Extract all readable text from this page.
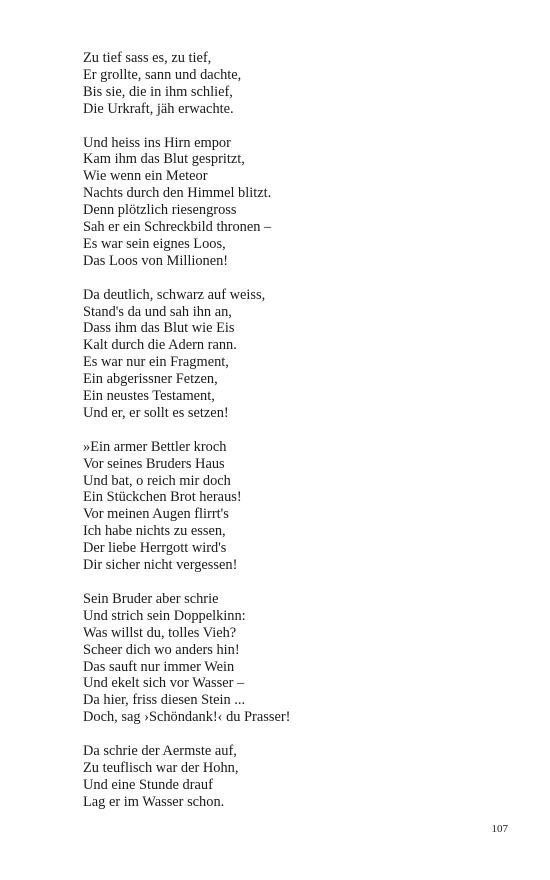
Zu tief sass es, zu tief,
Er grollte, sann und dachte,
Bis sie, die in ihm schlief,
Die Urkraft, jäh erwachte.
Und heiss ins Hirn empor
Kam ihm das Blut gespritzt,
Wie wenn ein Meteor
Nachts durch den Himmel blitzt.
Denn plötzlich riesengross
Sah er ein Schreckbild thronen –
Es war sein eignes Loos,
Das Loos von Millionen!
Da deutlich, schwarz auf weiss,
Stand's da und sah ihn an,
Dass ihm das Blut wie Eis
Kalt durch die Adern rann.
Es war nur ein Fragment,
Ein abgerissner Fetzen,
Ein neustes Testament,
Und er, er sollt es setzen!
»Ein armer Bettler kroch
Vor seines Bruders Haus
Und bat, o reich mir doch
Ein Stückchen Brot heraus!
Vor meinen Augen flirrt's
Ich habe nichts zu essen,
Der liebe Herrgott wird's
Dir sicher nicht vergessen!
Sein Bruder aber schrie
Und strich sein Doppelkinn:
Was willst du, tolles Vieh?
Scheer dich wo anders hin!
Das sauft nur immer Wein
Und ekelt sich vor Wasser –
Da hier, friss diesen Stein ...
Doch, sag ›Schöndank!‹ du Prasser!
Da schrie der Aermste auf,
Zu teuflisch war der Hohn,
Und eine Stunde drauf
Lag er im Wasser schon.
107
